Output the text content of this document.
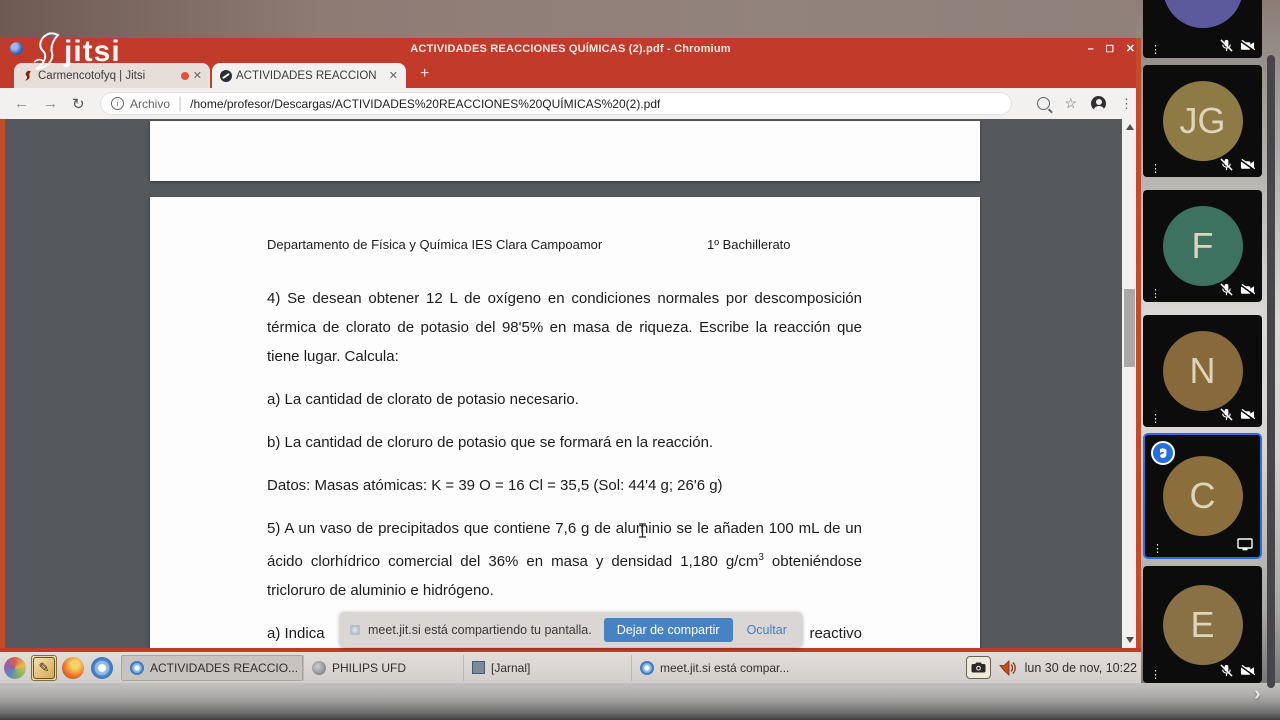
ACTIVIDADES REACCIONES QUÍMICAS (2).pdf - Chromium	– ❐ ✕
Carmencotofyq | Jitsi	✕	ACTIVIDADES REACCION	✕ +
← → ↻	i Archivo | /home/profesor/Descargas/ACTIVIDADES%20REACCIONES%20QUÍMICAS%20(2).pdf	☆	⋮
Departamento de Física y Química IES Clara Campoamor	1º Bachillerato

4) Se desean obtener 12 L de oxígeno en condiciones normales por descomposición térmica de clorato de potasio del 98'5% en masa de riqueza. Escribe la reacción que tiene lugar. Calcula:

a) La cantidad de clorato de potasio necesario.

b) La cantidad de cloruro de potasio que se formará en la reacción.

Datos: Masas atómicas: K = 39 O = 16 Cl = 35,5 (Sol: 44'4 g; 26'6 g)

5) A un vaso de precipitados que contiene 7,6 g de aluminio se le añaden 100 mL de un ácido clorhídrico comercial del 36% en masa y densidad 1,180 $g/cm^3$ obteniéndose tricloruro de aluminio e hidrógeno.

a) Indica	reactivo
meet.jit.si está compartiendo tu pantalla.	Dejar de compartir	Ocultar
✎	ACTIVIDADES REACCIO...	PHILIPS UFD	[Jarnal]	meet.jit.si está compar...	lun 30 de nov, 10:22
jitsi	⋮
JG
⋮
F
⋮
N
⋮
C
⋮
E
⋮
›
